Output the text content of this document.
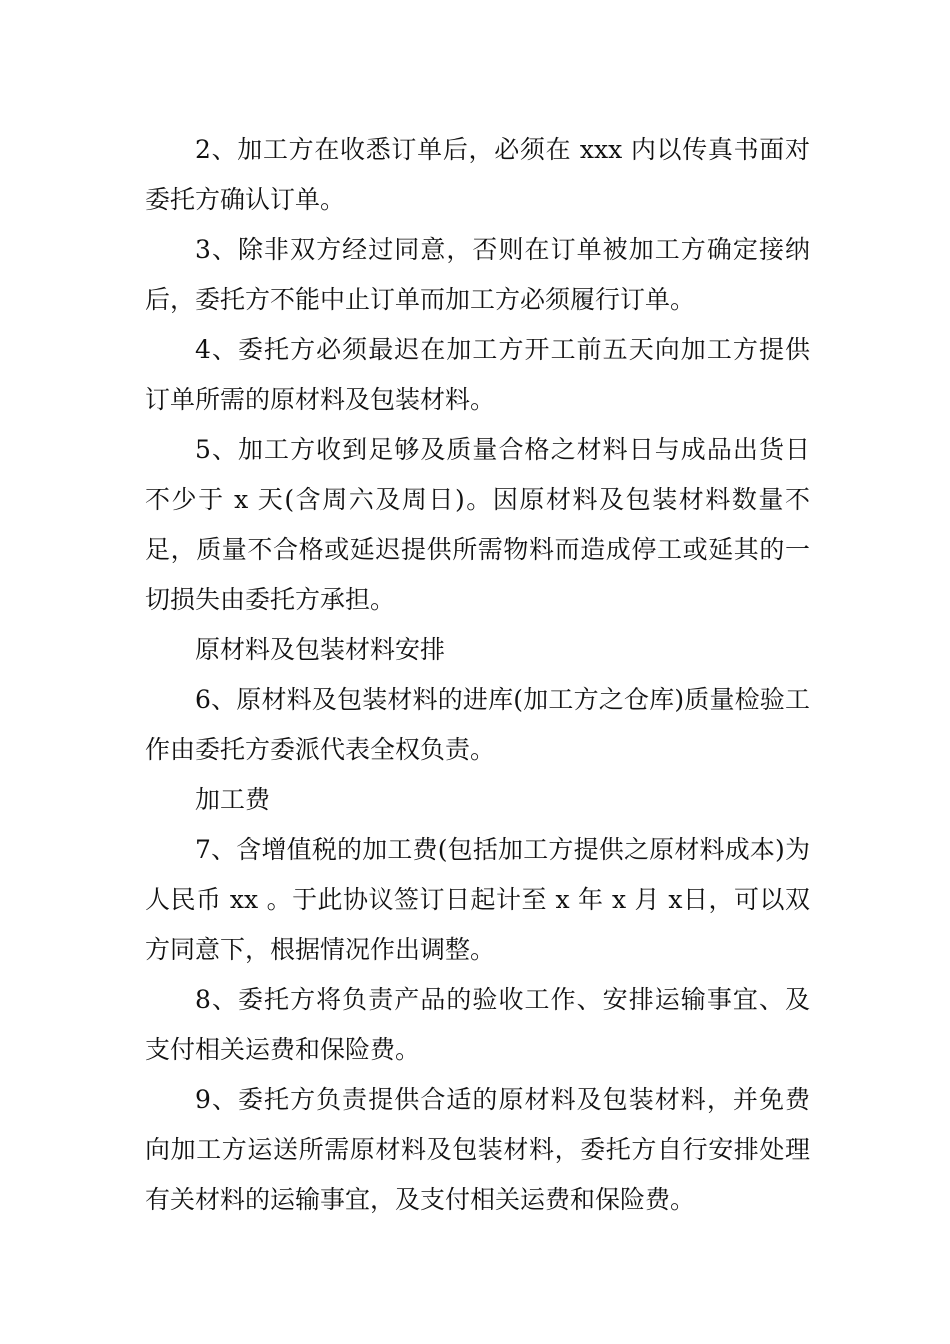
2、加工方在收悉订单后，必须在 xxx 内以传真书面对委托方确认订单。

3、除非双方经过同意，否则在订单被加工方确定接纳后，委托方不能中止订单而加工方必须履行订单。

4、委托方必须最迟在加工方开工前五天向加工方提供订单所需的原材料及包装材料。

5、加工方收到足够及质量合格之材料日与成品出货日不少于 x 天(含周六及周日)。因原材料及包装材料数量不足，质量不合格或延迟提供所需物料而造成停工或延其的一切损失由委托方承担。

原材料及包装材料安排

6、原材料及包装材料的进库(加工方之仓库)质量检验工作由委托方委派代表全权负责。

加工费

7、含增值税的加工费(包括加工方提供之原材料成本)为人民币 xx 。于此协议签订日起计至 x 年 x 月 x日，可以双方同意下，根据情况作出调整。

8、委托方将负责产品的验收工作、安排运输事宜、及支付相关运费和保险费。

9、委托方负责提供合适的原材料及包装材料，并免费向加工方运送所需原材料及包装材料，委托方自行安排处理有关材料的运输事宜，及支付相关运费和保险费。
